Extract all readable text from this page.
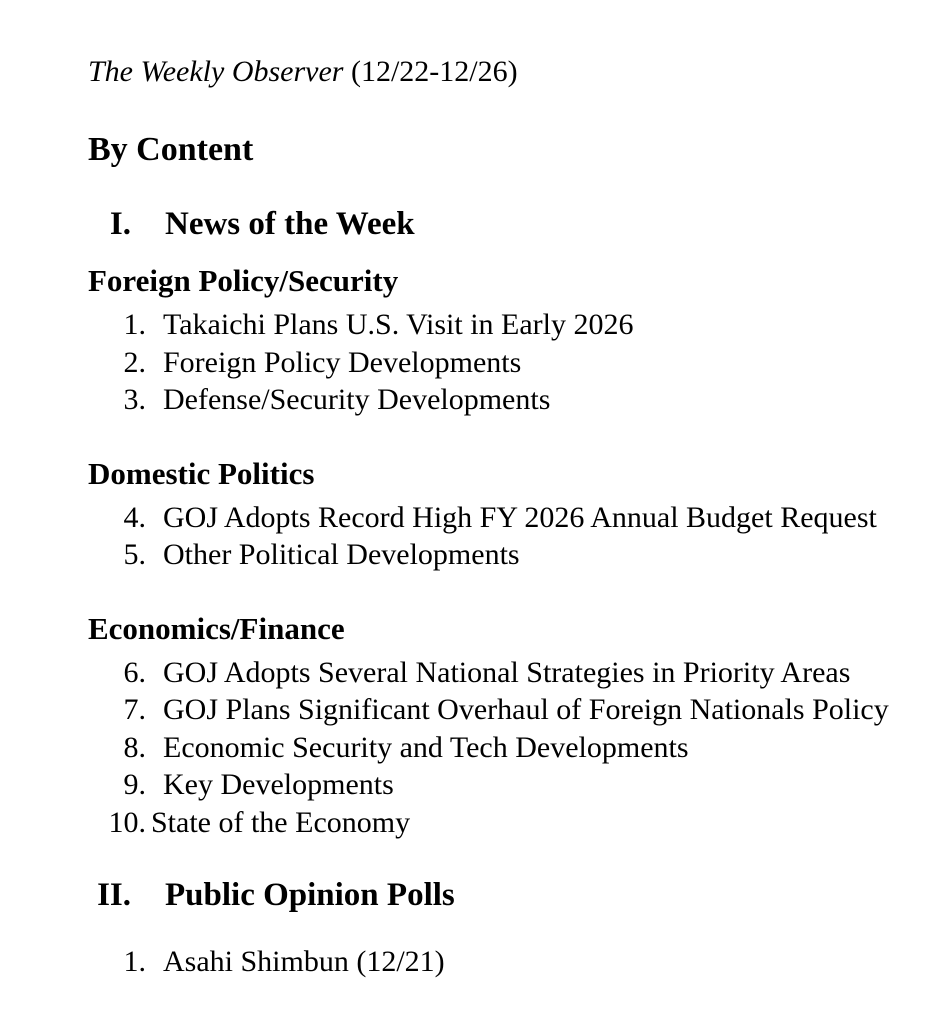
The Weekly Observer (12/22-12/26)
By Content
I. News of the Week
Foreign Policy/Security
1. Takaichi Plans U.S. Visit in Early 2026
2. Foreign Policy Developments
3. Defense/Security Developments
Domestic Politics
4. GOJ Adopts Record High FY 2026 Annual Budget Request
5. Other Political Developments
Economics/Finance
6. GOJ Adopts Several National Strategies in Priority Areas
7. GOJ Plans Significant Overhaul of Foreign Nationals Policy
8. Economic Security and Tech Developments
9. Key Developments
10. State of the Economy
II. Public Opinion Polls
1. Asahi Shimbun (12/21)
